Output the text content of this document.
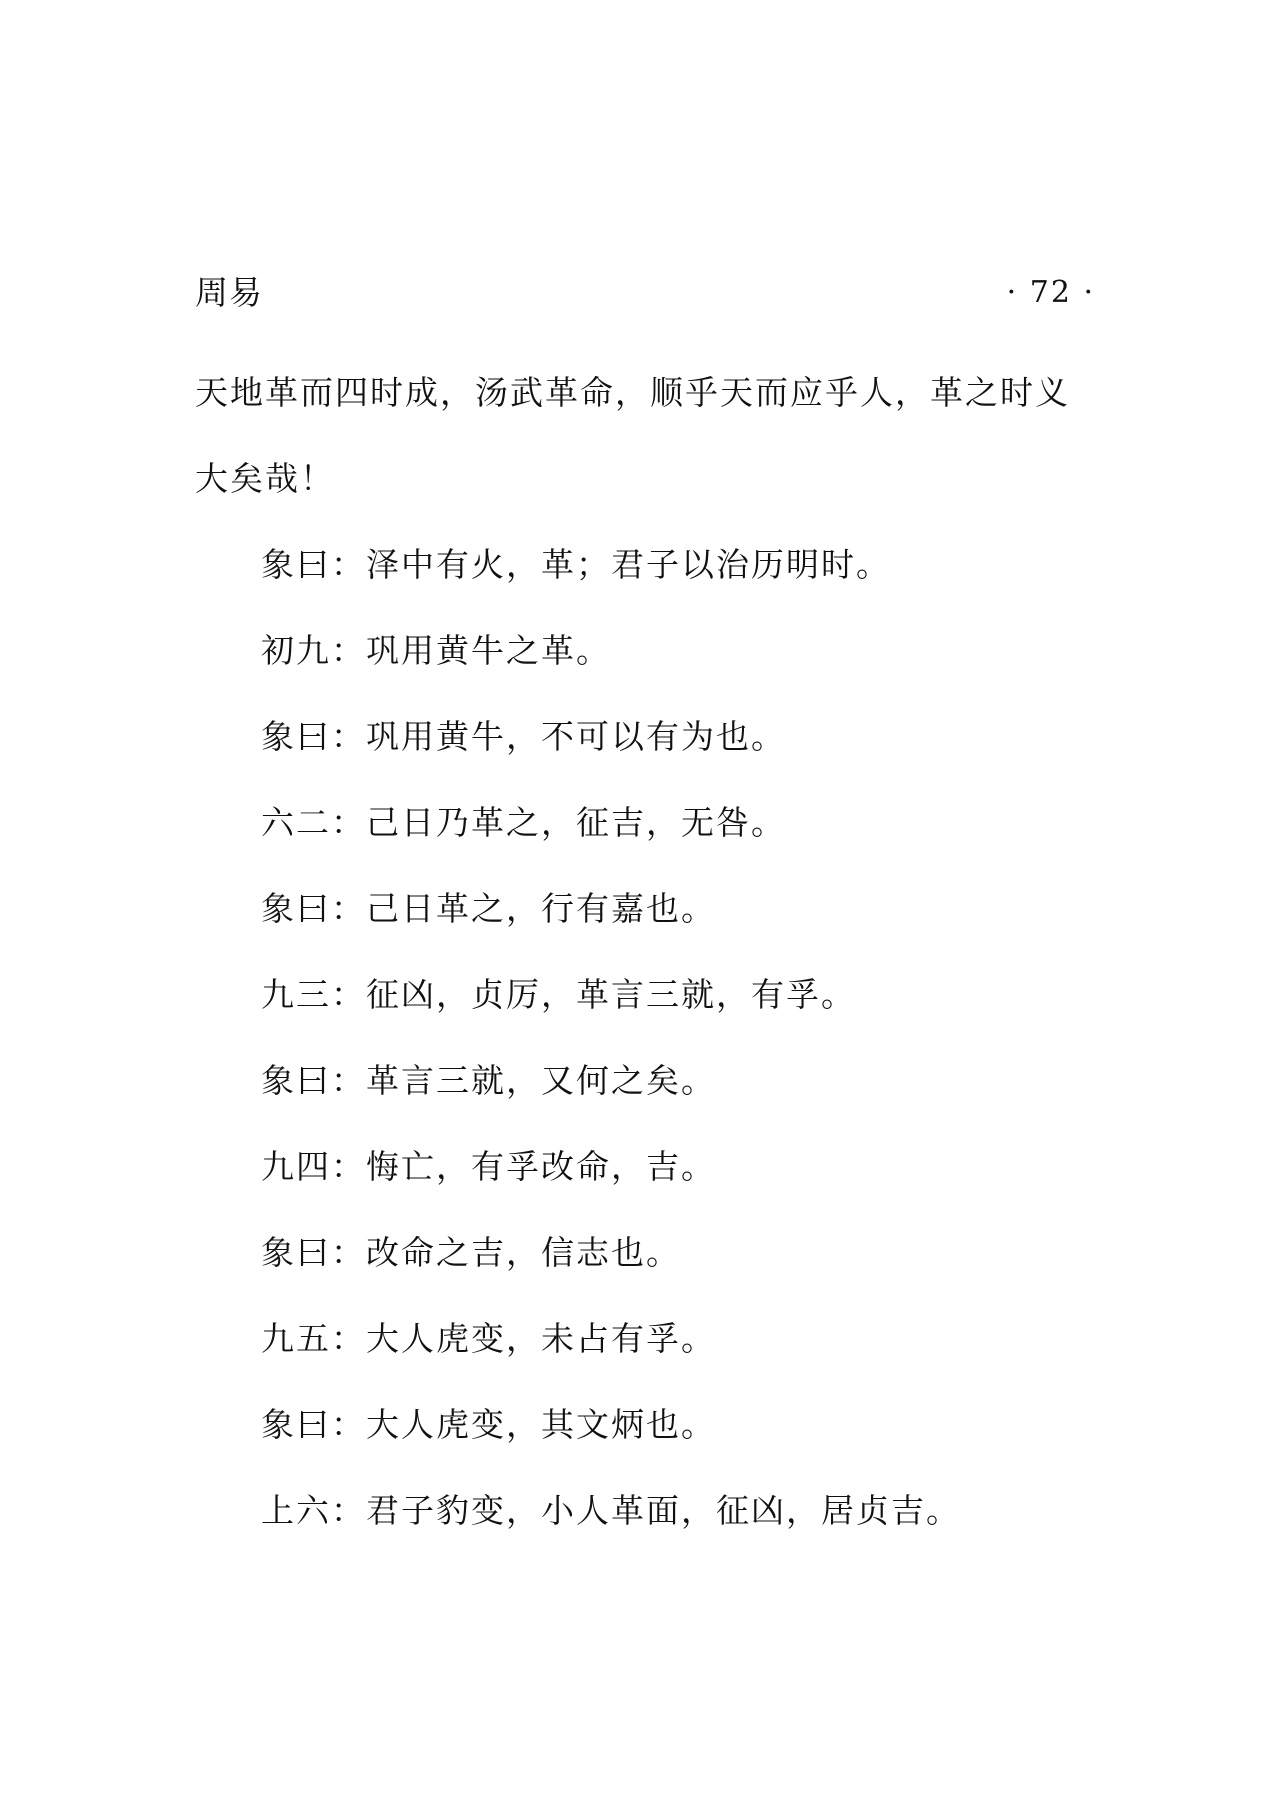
周易	· 72 ·

天地革而四时成，汤武革命，顺乎天而应乎人，革之时义大矣哉！

象曰：泽中有火，革；君子以治历明时。

初九：巩用黄牛之革。

象曰：巩用黄牛，不可以有为也。

六二：己日乃革之，征吉，无咎。

象曰：己日革之，行有嘉也。

九三：征凶，贞厉，革言三就，有孚。

象曰：革言三就，又何之矣。

九四：悔亡，有孚改命，吉。

象曰：改命之吉，信志也。

九五：大人虎变，未占有孚。

象曰：大人虎变，其文炳也。

上六：君子豹变，小人革面，征凶，居贞吉。
